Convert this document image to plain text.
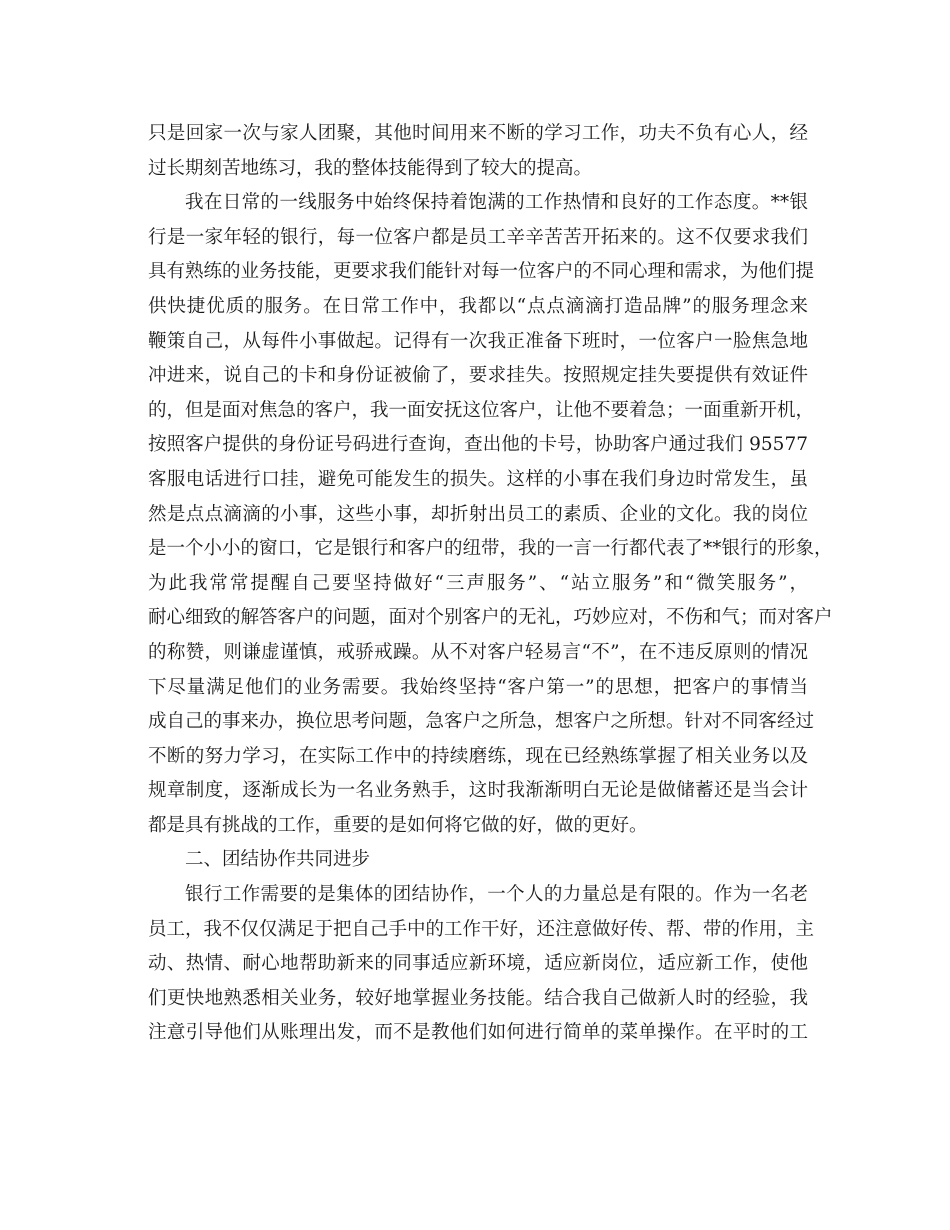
只是回家一次与家人团聚，其他时间用来不断的学习工作，功夫不负有心人，经
过长期刻苦地练习，我的整体技能得到了较大的提高。
我在日常的一线服务中始终保持着饱满的工作热情和良好的工作态度。**银
行是一家年轻的银行，每一位客户都是员工辛辛苦苦开拓来的。这不仅要求我们
具有熟练的业务技能，更要求我们能针对每一位客户的不同心理和需求，为他们提
供快捷优质的服务。在日常工作中，我都以“点点滴滴打造品牌”的服务理念来
鞭策自己，从每件小事做起。记得有一次我正准备下班时，一位客户一脸焦急地
冲进来，说自己的卡和身份证被偷了，要求挂失。按照规定挂失要提供有效证件
的，但是面对焦急的客户，我一面安抚这位客户，让他不要着急；一面重新开机，
按照客户提供的身份证号码进行查询，查出他的卡号，协助客户通过我们 95577
客服电话进行口挂，避免可能发生的损失。这样的小事在我们身边时常发生，虽
然是点点滴滴的小事，这些小事，却折射出员工的素质、企业的文化。我的岗位
是一个小小的窗口，它是银行和客户的纽带，我的一言一行都代表了**银行的形象，
为此我常常提醒自己要坚持做好“三声服务”、“站立服务”和“微笑服务”，
耐心细致的解答客户的问题，面对个别客户的无礼，巧妙应对，不伤和气；而对客户
的称赞，则谦虚谨慎，戒骄戒躁。从不对客户轻易言“不”，在不违反原则的情况
下尽量满足他们的业务需要。我始终坚持“客户第一”的思想，把客户的事情当
成自己的事来办，换位思考问题，急客户之所急，想客户之所想。针对不同客经过
不断的努力学习，在实际工作中的持续磨练，现在已经熟练掌握了相关业务以及
规章制度，逐渐成长为一名业务熟手，这时我渐渐明白无论是做储蓄还是当会计
都是具有挑战的工作，重要的是如何将它做的好，做的更好。
二、团结协作共同进步
银行工作需要的是集体的团结协作，一个人的力量总是有限的。作为一名老
员工，我不仅仅满足于把自己手中的工作干好，还注意做好传、帮、带的作用，主
动、热情、耐心地帮助新来的同事适应新环境，适应新岗位，适应新工作，使他
们更快地熟悉相关业务，较好地掌握业务技能。结合我自己做新人时的经验，我
注意引导他们从账理出发，而不是教他们如何进行简单的菜单操作。在平时的工
